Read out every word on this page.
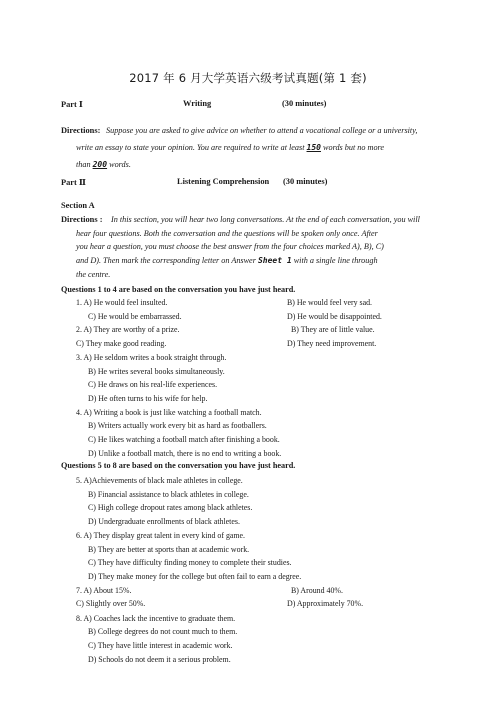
2017 年 6 月大学英语六级考试真题(第 1 套)
Part Ⅰ	Writing	(30 minutes)
Directions: Suppose you are asked to give advice on whether to attend a vocational college or a university,
write an essay to state your opinion. You are required to write at least 150 words but no more
than 200 words.
Part Ⅱ	Listening Comprehension (30 minutes)
Section A
Directions : In this section, you will hear two long conversations. At the end of each conversation, you will
hear four questions. Both the conversation and the questions will be spoken only once. After
you hear a question, you must choose the best answer from the four choices marked A), B), C)
and D). Then mark the corresponding letter on Answer Sheet 1 with a single line through
the centre.
Questions 1 to 4 are based on the conversation you have just heard.
1. A) He would feel insulted.	B) He would feel very sad.
C) He would be embarrassed.	D) He would be disappointed.
2. A) They are worthy of a prize.	B) They are of little value.
C) They make good reading.	D) They need improvement.
3. A) He seldom writes a book straight through.
B) He writes several books simultaneously.
C) He draws on his real-life experiences.
D) He often turns to his wife for help.
4. A) Writing a book is just like watching a football match.
B) Writers actually work every bit as hard as footballers.
C) He likes watching a football match after finishing a book.
D) Unlike a football match, there is no end to writing a book.
Questions 5 to 8 are based on the conversation you have just heard.
5. A)Achievements of black male athletes in college.
B) Financial assistance to black athletes in college.
C) High college dropout rates among black athletes.
D) Undergraduate enrollments of black athletes.
6. A) They display great talent in every kind of game.
B) They are better at sports than at academic work.
C) They have difficulty finding money to complete their studies.
D) They make money for the college but often fail to earn a degree.
7. A) About 15%.	B) Around 40%.
C) Slightly over 50%.	D) Approximately 70%.
8. A) Coaches lack the incentive to graduate them.
B) College degrees do not count much to them.
C) They have little interest in academic work.
D) Schools do not deem it a serious problem.
